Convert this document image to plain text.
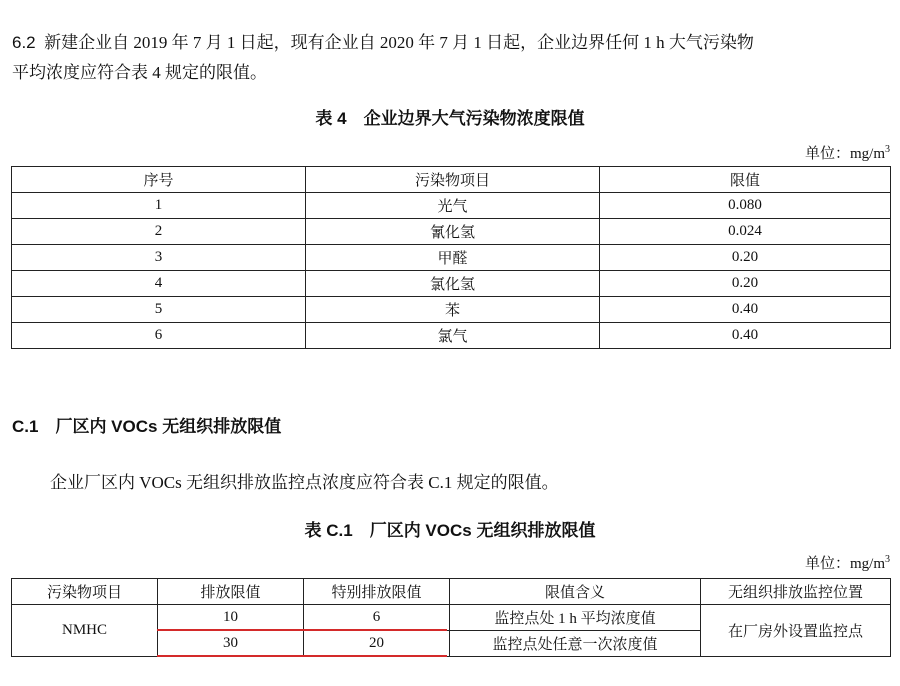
6.2 新建企业自 2019 年 7 月 1 日起，现有企业自 2020 年 7 月 1 日起，企业边界任何 1 h 大气污染物
平均浓度应符合表 4 规定的限值。
表 4　企业边界大气污染物浓度限值
单位：$mg/m^3$
序号	污染物项目	限值
1	光气	0.080
2	氰化氢	0.024
3	甲醛	0.20
4	氯化氢	0.20
5	苯	0.40
6	氯气	0.40
C.1　厂区内 VOCs 无组织排放限值
企业厂区内 VOCs 无组织排放监控点浓度应符合表 C.1 规定的限值。
表 C.1　厂区内 VOCs 无组织排放限值
单位：$mg/m^3$
污染物项目	排放限值	特别排放限值	限值含义	无组织排放监控位置
NMHC	10	6	监控点处 1 h 平均浓度值	在厂房外设置监控点
	30	20	监控点处任意一次浓度值	
